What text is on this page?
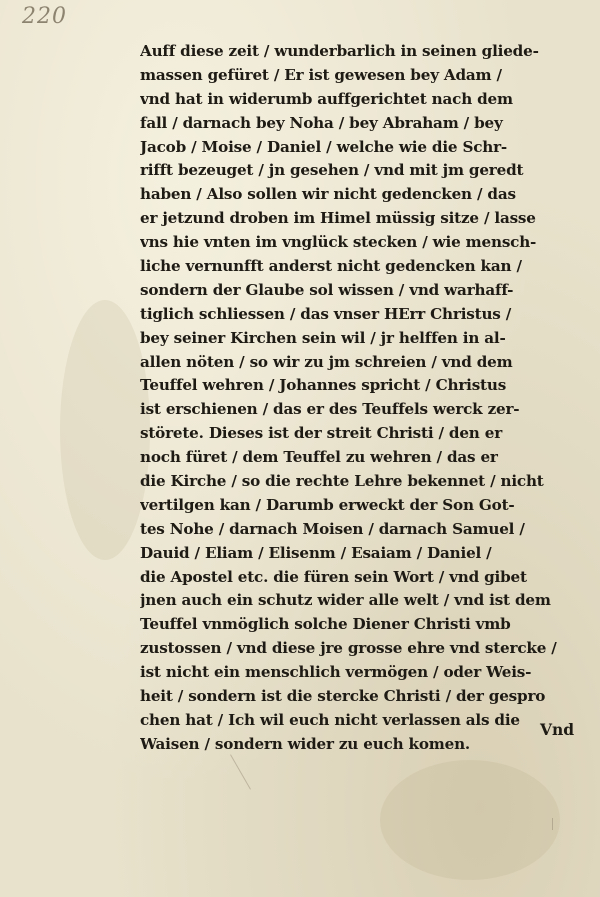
220
Auff diese zeit / wunderbarlich in seinen gliede-
massen gefüret / Er ist gewesen bey Adam /
vnd hat in widerumb auffgerichtet nach dem
fall / darnach bey Noha / bey Abraham / bey
Jacob / Moise / Daniel / welche wie die Schr-
rifft bezeuget / jn gesehen / vnd mit jm geredt
haben / Also sollen wir nicht gedencken / das
er jetzund droben im Himel müssig sitze / lasse
vns hie vnten im vnglück stecken / wie mensch-
liche vernunfft anderst nicht gedencken kan /
sondern der Glaube sol wissen / vnd warhaff-
tiglich schliessen / das vnser HErr Christus /
bey seiner Kirchen sein wil / jr helffen in al-
allen nöten / so wir zu jm schreien / vnd dem
Teuffel wehren / Johannes spricht / Christus
ist erschienen / das er des Teuffels werck zer-
störete. Dieses ist der streit Christi / den er
noch füret / dem Teuffel zu wehren / das er
die Kirche / so die rechte Lehre bekennet / nicht
vertilgen kan / Darumb erweckt der Son Got-
tes Nohe / darnach Moisen / darnach Samuel /
Dauid / Eliam / Elisenm / Esaiam / Daniel /
die Apostel etc. die füren sein Wort / vnd gibet
jnen auch ein schutz wider alle welt / vnd ist dem
Teuffel vnmöglich solche Diener Christi vmb
zustossen / vnd diese jre grosse ehre vnd stercke /
ist nicht ein menschlich vermögen / oder Weis-
heit / sondern ist die stercke Christi / der gespro
chen hat / Ich wil euch nicht verlassen als die
Waisen / sondern wider zu euch komen.
Vnd
